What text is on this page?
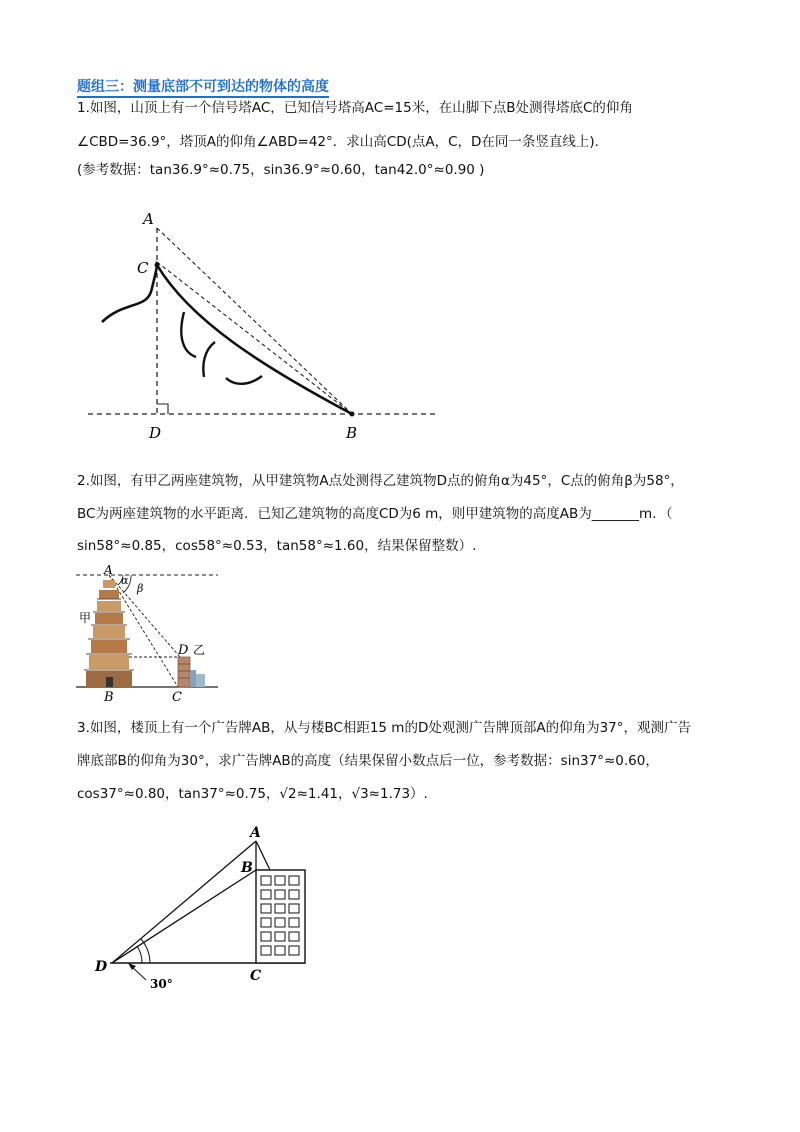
题组三：测量底部不可到达的物体的高度
1.如图，山顶上有一个信号塔AC，已知信号塔高AC=15米，在山脚下点B处测得塔底C的仰角
∠CBD=36.9°，塔顶A的仰角∠ABD=42°．求山高CD(点A，C，D在同一条竖直线上).
(参考数据：tan36.9°≈0.75，sin36.9°≈0.60，tan42.0°≈0.90 )
A
C
D	B
2.如图，有甲乙两座建筑物，从甲建筑物A点处测得乙建筑物D点的俯角α为45°，C点的俯角β为58°，
BC为两座建筑物的水平距离．已知乙建筑物的高度CD为6 m，则甲建筑物的高度AB为_______m．（
sin58°≈0.85，cos58°≈0.53，tan58°≈1.60，结果保留整数）.
A
α
β
甲
D 乙
B	C
3.如图，楼顶上有一个广告牌AB，从与楼BC相距15 m的D处观测广告牌顶部A的仰角为37°，观测广告
牌底部B的仰角为30°，求广告牌AB的高度（结果保留小数点后一位，参考数据：sin37°≈0.60，
cos37°≈0.80，tan37°≈0.75，√2≈1.41，√3≈1.73）.
A
B
C
D
30°
